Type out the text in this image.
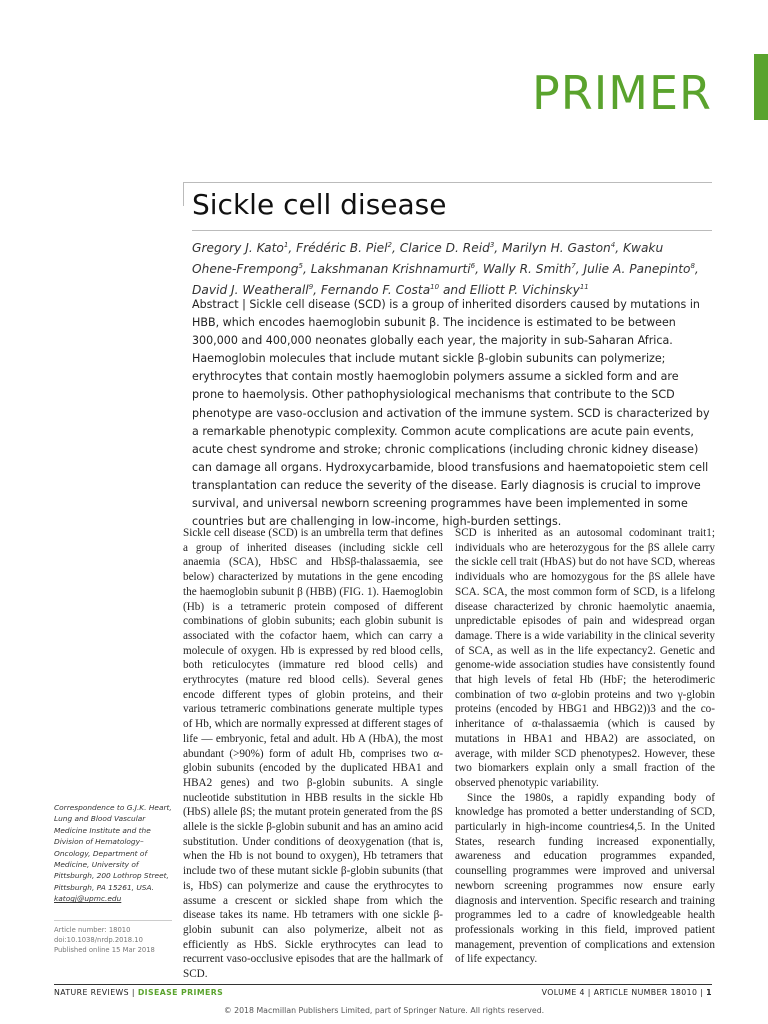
PRIMER
Sickle cell disease
Gregory J. Kato$^1$, Frédéric B. Piel$^2$, Clarice D. Reid$^3$, Marilyn H. Gaston$^4$, Kwaku Ohene-Frempong$^5$, Lakshmanan Krishnamurti$^6$, Wally R. Smith$^7$, Julie A. Panepinto$^8$, David J. Weatherall$^9$, Fernando F. Costa$^{10}$ and Elliott P. Vichinsky$^{11}$
Abstract | Sickle cell disease (SCD) is a group of inherited disorders caused by mutations in HBB, which encodes haemoglobin subunit β. The incidence is estimated to be between 300,000 and 400,000 neonates globally each year, the majority in sub-Saharan Africa. Haemoglobin molecules that include mutant sickle β-globin subunits can polymerize; erythrocytes that contain mostly haemoglobin polymers assume a sickled form and are prone to haemolysis. Other pathophysiological mechanisms that contribute to the SCD phenotype are vaso-occlusion and activation of the immune system. SCD is characterized by a remarkable phenotypic complexity. Common acute complications are acute pain events, acute chest syndrome and stroke; chronic complications (including chronic kidney disease) can damage all organs. Hydroxycarbamide, blood transfusions and haematopoietic stem cell transplantation can reduce the severity of the disease. Early diagnosis is crucial to improve survival, and universal newborn screening programmes have been implemented in some countries but are challenging in low-income, high-burden settings.

Sickle cell disease (SCD) is an umbrella term that defines a group of inherited diseases (including sickle cell anaemia (SCA), HbSC and HbSβ-thalassaemia, see below) characterized by mutations in the gene encoding the haemoglobin subunit β (HBB) (FIG. 1). Haemoglobin (Hb) is a tetrameric protein composed of different combinations of globin subunits; each globin subunit is associated with the cofactor haem, which can carry a molecule of oxygen. Hb is expressed by red blood cells, both reticulocytes (immature red blood cells) and erythrocytes (mature red blood cells). Several genes encode different types of globin proteins, and their various tetrameric combinations generate multiple types of Hb, which are normally expressed at different stages of life — embryonic, fetal and adult. Hb A (HbA), the most abundant (>90%) form of adult Hb, comprises two α-globin subunits (encoded by the duplicated HBA1 and HBA2 genes) and two β-globin subunits. A single nucleotide substitution in HBB results in the sickle Hb (HbS) allele βS; the mutant protein generated from the βS allele is the sickle β-globin subunit and has an amino acid substitution. Under conditions of deoxygenation (that is, when the Hb is not bound to oxygen), Hb tetramers that include two of these mutant sickle β-globin subunits (that is, HbS) can polymerize and cause the erythrocytes to assume a crescent or sickled shape from which the disease takes its name. Hb tetramers with one sickle β-globin subunit can also polymerize, albeit not as efficiently as HbS. Sickle erythrocytes can lead to recurrent vaso-occlusive episodes that are the hallmark of SCD.

SCD is inherited as an autosomal codominant trait1; individuals who are heterozygous for the βS allele carry the sickle cell trait (HbAS) but do not have SCD, whereas individuals who are homozygous for the βS allele have SCA. SCA, the most common form of SCD, is a lifelong disease characterized by chronic haemolytic anaemia, unpredictable episodes of pain and widespread organ damage. There is a wide variability in the clinical severity of SCA, as well as in the life expectancy2. Genetic and genome-wide association studies have consistently found that high levels of fetal Hb (HbF; the heterodimeric combination of two α-globin proteins and two γ-globin proteins (encoded by HBG1 and HBG2))3 and the co-inheritance of α-thalassaemia (which is caused by mutations in HBA1 and HBA2) are associated, on average, with milder SCD phenotypes2. However, these two biomarkers explain only a small fraction of the observed phenotypic variability.

Since the 1980s, a rapidly expanding body of knowledge has promoted a better understanding of SCD, particularly in high-income countries4,5. In the United States, research funding increased exponentially, awareness and education programmes expanded, counselling programmes were improved and universal newborn screening programmes now ensure early diagnosis and intervention. Specific research and training programmes led to a cadre of knowledgeable health professionals working in this field, improved patient management, prevention of complications and extension of life expectancy.

Correspondence to G.J.K. Heart, Lung and Blood Vascular Medicine Institute and the Division of Hematology–Oncology, Department of Medicine, University of Pittsburgh, 200 Lothrop Street, Pittsburgh, PA 15261, USA.
katogj@upmc.edu
Article number: 18010
doi:10.1038/nrdp.2018.10
Published online 15 Mar 2018
NATURE REVIEWS | DISEASE PRIMERS	VOLUME 4 | ARTICLE NUMBER 18010 | 1
© 2018 Macmillan Publishers Limited, part of Springer Nature. All rights reserved.
